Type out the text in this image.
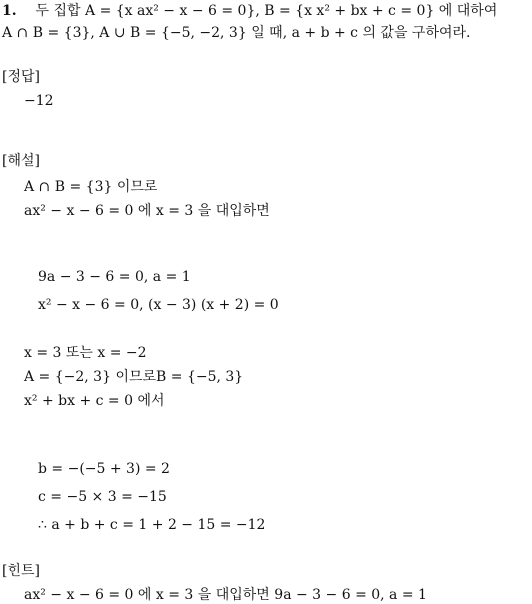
1. 두 집합 A = {x ax² − x − 6 = 0}, B = {x x² + bx + c = 0} 에 대하여
A ∩ B = {3}, A ∪ B = {−5, −2, 3} 일 때, a + b + c 의 값을 구하여라.
[정답]
−12
[해설]
A ∩ B = {3} 이므로
ax² − x − 6 = 0 에 x = 3 을 대입하면
9a − 3 − 6 = 0, a = 1
x² − x − 6 = 0, (x − 3) (x + 2) = 0
x = 3 또는 x = −2
A = {−2, 3} 이므로B = {−5, 3}
x² + bx + c = 0 에서
b = −(−5 + 3) = 2
c = −5 × 3 = −15
∴ a + b + c = 1 + 2 − 15 = −12
[힌트]
ax² − x − 6 = 0 에 x = 3 을 대입하면 9a − 3 − 6 = 0, a = 1
